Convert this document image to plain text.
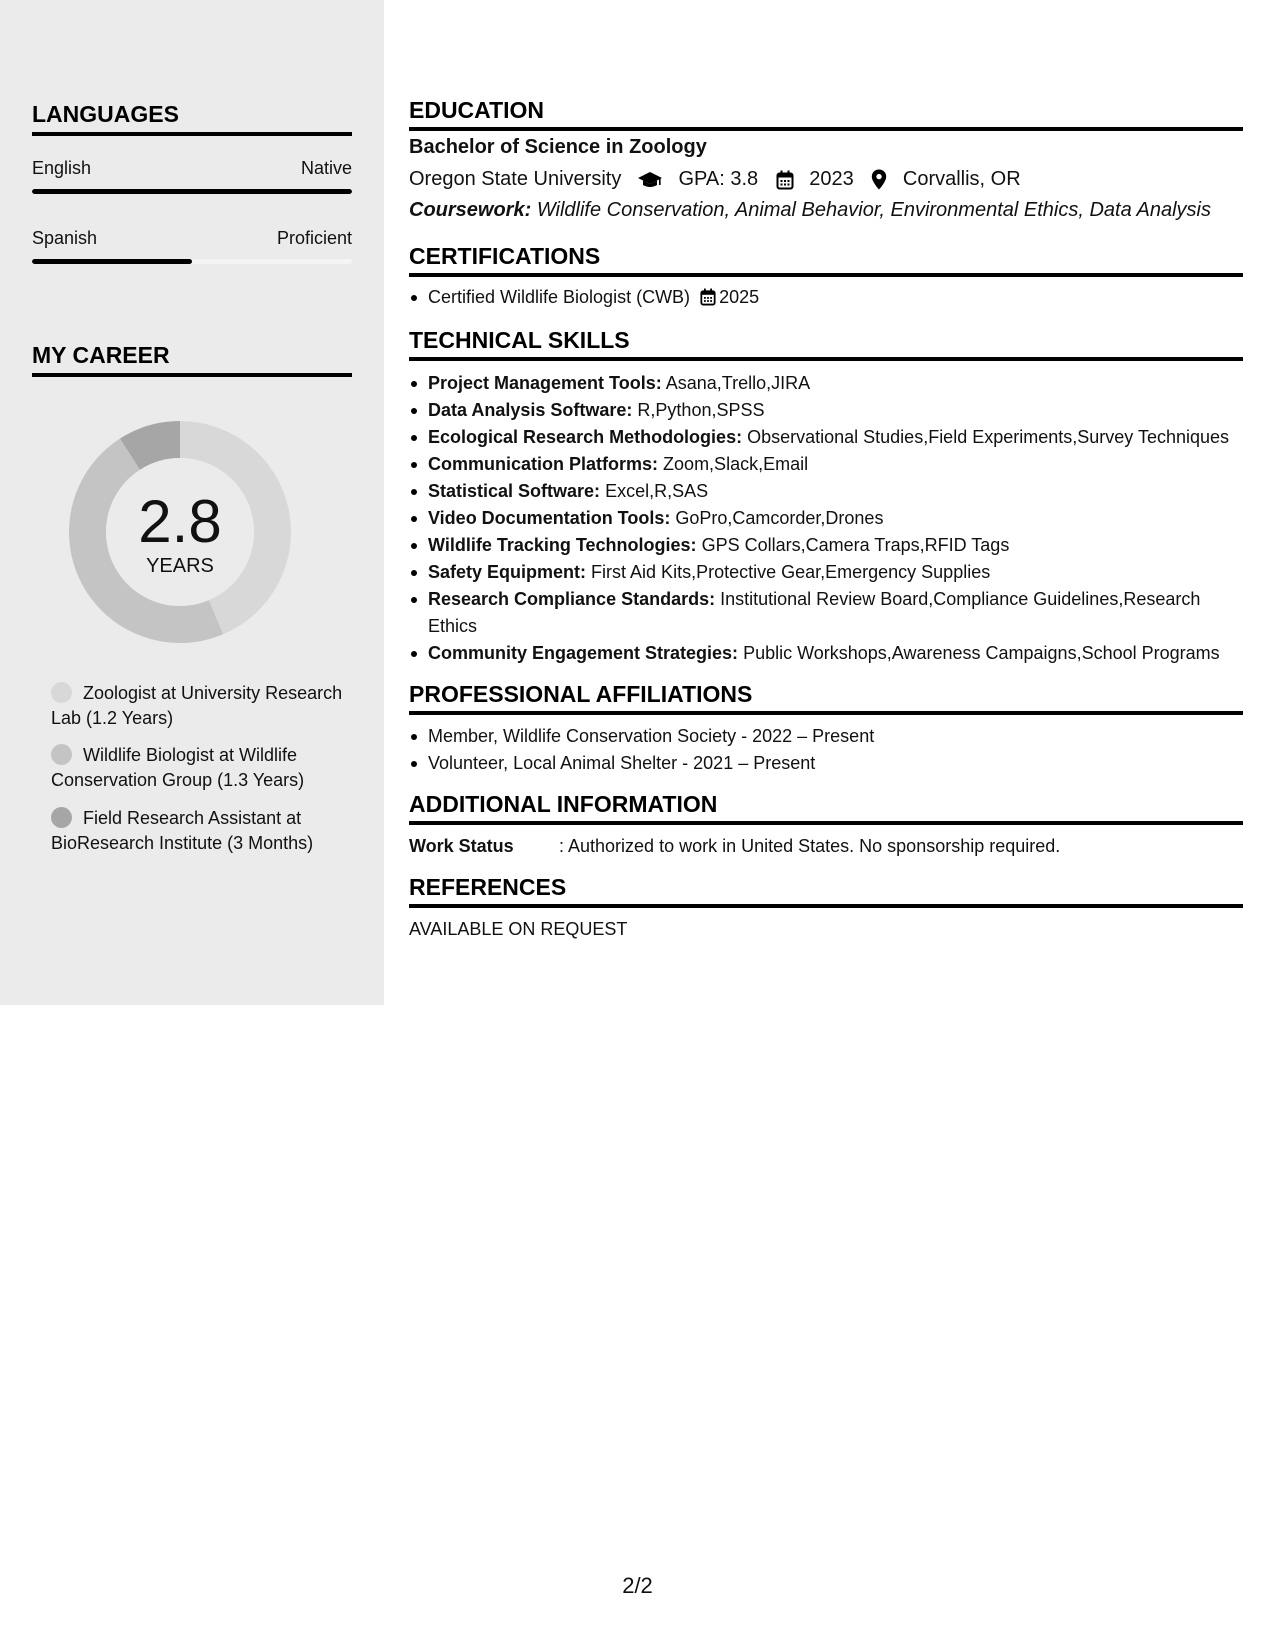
LANGUAGES
English	Native
Spanish	Proficient
MY CAREER
2.8
YEARS
Zoologist at University Research Lab (1.2 Years)
Wildlife Biologist at Wildlife Conservation Group (1.3 Years)
Field Research Assistant at BioResearch Institute (3 Months)
EDUCATION
Bachelor of Science in Zoology
Oregon State University	GPA: 3.8	2023 Corvallis, OR
Coursework: Wildlife Conservation, Animal Behavior, Environmental Ethics, Data Analysis
CERTIFICATIONS
Certified Wildlife Biologist (CWB) 2025
TECHNICAL SKILLS
Project Management Tools: Asana,Trello,JIRA
Data Analysis Software: R,Python,SPSS
Ecological Research Methodologies: Observational Studies,Field Experiments,Survey Techniques
Communication Platforms: Zoom,Slack,Email
Statistical Software: Excel,R,SAS
Video Documentation Tools: GoPro,Camcorder,Drones
Wildlife Tracking Technologies: GPS Collars,Camera Traps,RFID Tags
Safety Equipment: First Aid Kits,Protective Gear,Emergency Supplies
Research Compliance Standards: Institutional Review Board,Compliance Guidelines,Research Ethics
Community Engagement Strategies: Public Workshops,Awareness Campaigns,School Programs
PROFESSIONAL AFFILIATIONS
Member, Wildlife Conservation Society - 2022 – Present
Volunteer, Local Animal Shelter - 2021 – Present
ADDITIONAL INFORMATION
Work Status	: Authorized to work in United States. No sponsorship required.
REFERENCES
AVAILABLE ON REQUEST
2/2
